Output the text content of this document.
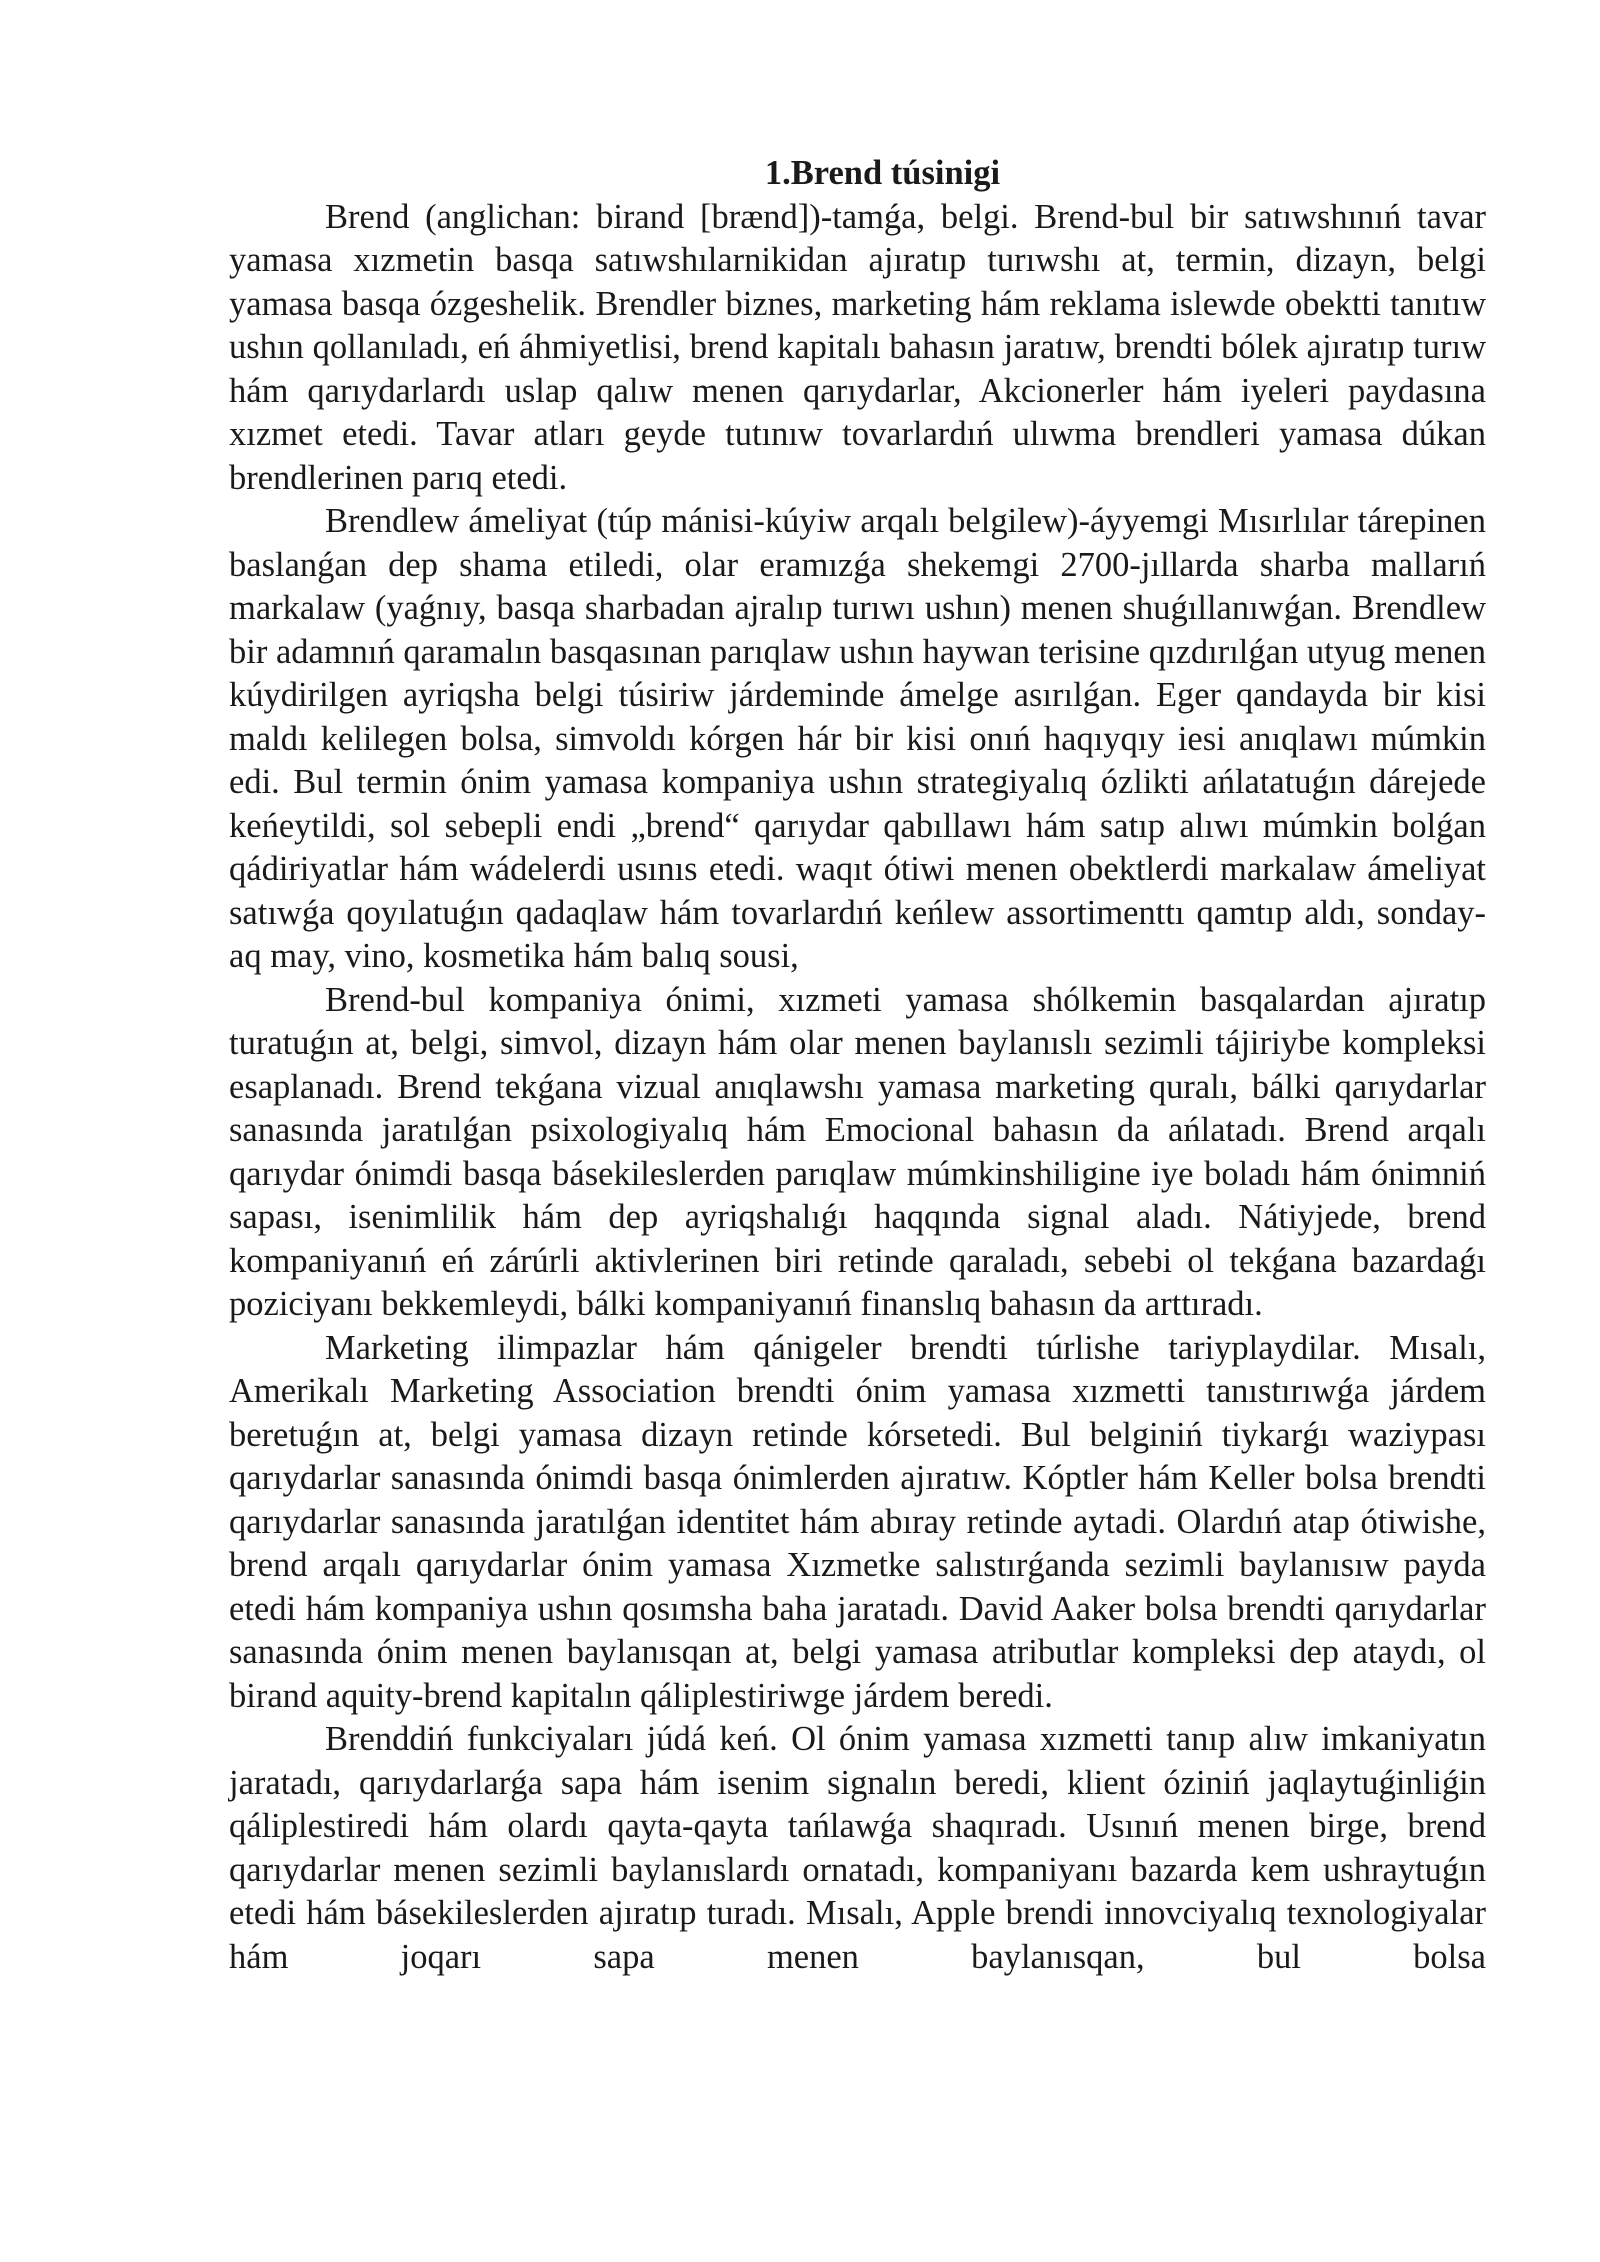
1.Brend túsinigi

Brend (anglichan: birand [brænd])-tamǵa, belgi. Brend-bul bir satıwshınıń tavar yamasa xızmetin basqa satıwshılarnikidan ajıratıp turıwshı at, termin, dizayn, belgi yamasa basqa ózgeshelik. Brendler biznes, marketing hám reklama islewde obektti tanıtıw ushın qollanıladı, eń áhmiyetlisi, brend kapitalı bahasın jaratıw, brendti bólek ajıratıp turıw hám qarıydarlardı uslap qalıw menen qarıydarlar, Akcionerler hám iyeleri paydasına xızmet etedi. Tavar atları geyde tutınıw tovarlardıń ulıwma brendleri yamasa dúkan brendlerinen parıq etedi.

Brendlew ámeliyat (túp mánisi-kúyiw arqalı belgilew)-áyyemgi Mısırlılar tárepinen baslanǵan dep shama etiledi, olar eramızǵa shekemgi 2700-jıllarda sharba mallarıń markalaw (yaǵnıy, basqa sharbadan ajralıp turıwı ushın) menen shuǵıllanıwǵan. Brendlew bir adamnıń qaramalın basqasınan parıqlaw ushın haywan terisine qızdırılǵan utyug menen kúydirilgen ayriqsha belgi túsiriw járdeminde ámelge asırılǵan. Eger qandayda bir kisi maldı kelilegen bolsa, simvoldı kórgen hár bir kisi onıń haqıyqıy iesi anıqlawı múmkin edi. Bul termin ónim yamasa kompaniya ushın strategiyalıq ózlikti ańlatatuǵın dárejede keńeytildi, sol sebepli endi „brend“ qarıydar qabıllawı hám satıp alıwı múmkin bolǵan qádiriyatlar hám wádelerdi usınıs etedi. waqıt ótiwi menen obektlerdi markalaw ámeliyat satıwǵa qoyılatuǵın qadaqlaw hám tovarlardıń keńlew assortimenttı qamtıp aldı, sonday-aq may, vino, kosmetika hám balıq sousi,

Brend-bul kompaniya ónimi, xızmeti yamasa shólkemin basqalardan ajıratıp turatuǵın at, belgi, simvol, dizayn hám olar menen baylanıslı sezimli tájiriybe kompleksi esaplanadı. Brend tekǵana vizual anıqlawshı yamasa marketing quralı, bálki qarıydarlar sanasında jaratılǵan psixologiyalıq hám Emocional bahasın da ańlatadı. Brend arqalı qarıydar ónimdi basqa básekileslerden parıqlaw múmkinshiligine iye boladı hám ónimniń sapası, isenimlilik hám dep ayriqshalıǵı haqqında signal aladı. Nátiyjede, brend kompaniyanıń eń zárúrli aktivlerinen biri retinde qaraladı, sebebi ol tekǵana bazardaǵı poziciyanı bekkemleydi, bálki kompaniyanıń finanslıq bahasın da arttıradı.

Marketing ilimpazlar hám qánigeler brendti túrlishe tariyplaydilar. Mısalı, Amerikalı Marketing Association brendti ónim yamasa xızmetti tanıstırıwǵa járdem beretuǵın at, belgi yamasa dizayn retinde kórsetedi. Bul belginiń tiykarǵı waziypası qarıydarlar sanasında ónimdi basqa ónimlerden ajıratıw. Kóptler hám Keller bolsa brendti qarıydarlar sanasında jaratılǵan identitet hám abıray retinde aytadi. Olardıń atap ótiwishe, brend arqalı qarıydarlar ónim yamasa Xızmetke salıstırǵanda sezimli baylanısıw payda etedi hám kompaniya ushın qosımsha baha jaratadı. David Aaker bolsa brendti qarıydarlar sanasında ónim menen baylanısqan at, belgi yamasa atributlar kompleksi dep ataydı, ol birand aquity-brend kapitalın qáliplestiriwge járdem beredi.

Brenddiń funkciyaları júdá keń. Ol ónim yamasa xızmetti tanıp alıw imkaniyatın jaratadı, qarıydarlarǵa sapa hám isenim signalın beredi, klient óziniń jaqlaytuǵinliǵin qáliplestiredi hám olardı qayta-qayta tańlawǵa shaqıradı. Usınıń menen birge, brend qarıydarlar menen sezimli baylanıslardı ornatadı, kompaniyanı bazarda kem ushraytuǵın etedi hám básekileslerden ajıratıp turadı. Mısalı, Apple brendi innovciyalıq texnologiyalar hám joqarı sapa menen baylanısqan, bul bolsa
